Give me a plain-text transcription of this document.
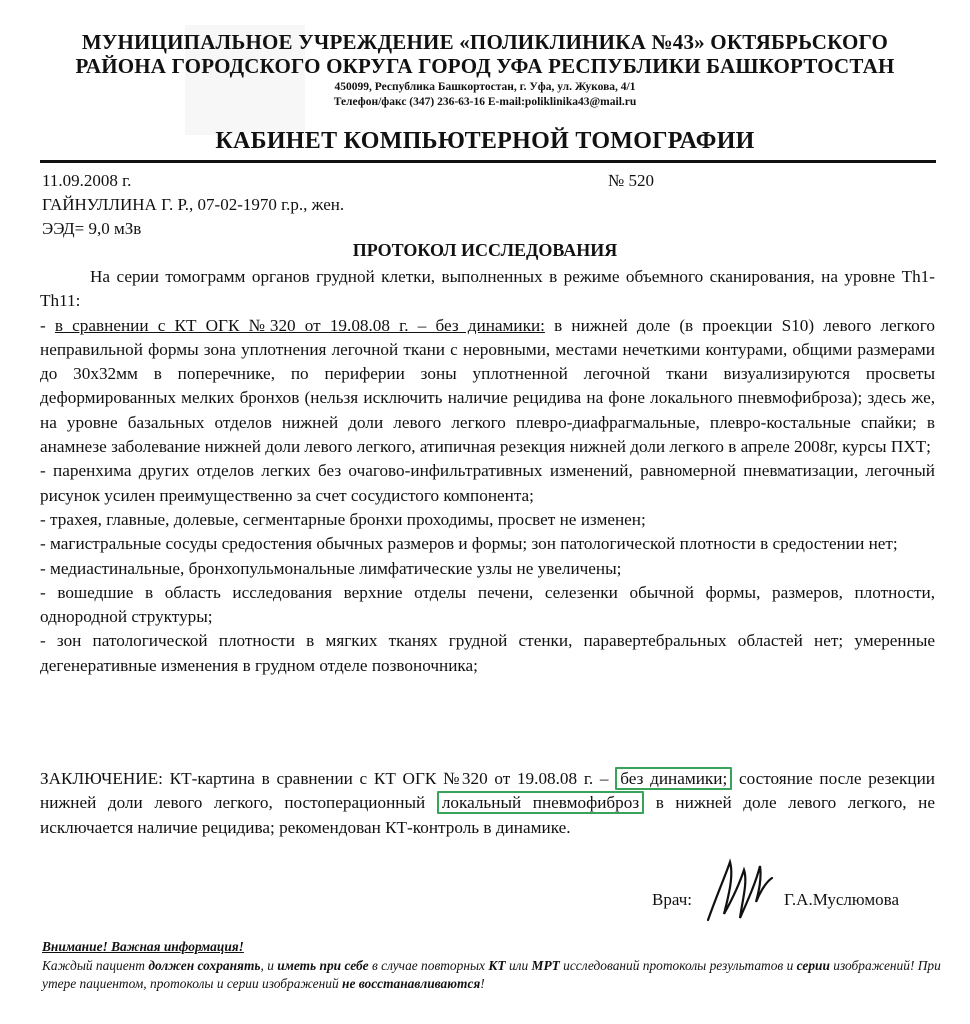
МУНИЦИПАЛЬНОЕ УЧРЕЖДЕНИЕ «ПОЛИКЛИНИКА №43» ОКТЯБРЬСКОГО
РАЙОНА ГОРОДСКОГО ОКРУГА ГОРОД УФА РЕСПУБЛИКИ БАШКОРТОСТАН
450099, Республика Башкортостан, г. Уфа, ул. Жукова, 4/1
Телефон/факс (347) 236-63-16 E-mail:poliklinika43@mail.ru
КАБИНЕТ КОМПЬЮТЕРНОЙ ТОМОГРАФИИ
11.09.2008 г.	№ 520
ГАЙНУЛЛИНА Г. Р., 07-02-1970 г.р., жен.
ЭЭД= 9,0 мЗв
ПРОТОКОЛ ИССЛЕДОВАНИЯ

На серии томограмм органов грудной клетки, выполненных в режиме объемного сканирования, на уровне Th1-Th11:

- в сравнении с КТ ОГК №320 от 19.08.08 г. – без динамики: в нижней доле (в проекции S10) левого легкого неправильной формы зона уплотнения легочной ткани с неровными, местами нечеткими контурами, общими размерами до 30х32мм в поперечнике, по периферии зоны уплотненной легочной ткани визуализируются просветы деформированных мелких бронхов (нельзя исключить наличие рецидива на фоне локального пневмофиброза); здесь же, на уровне базальных отделов нижней доли левого легкого плевро-диафрагмальные, плевро-костальные спайки; в анамнезе заболевание нижней доли левого легкого, атипичная резекция нижней доли легкого в апреле 2008г, курсы ПХТ;

- паренхима других отделов легких без очагово-инфильтративных изменений, равномерной пневматизации, легочный рисунок усилен преимущественно за счет сосудистого компонента;

- трахея, главные, долевые, сегментарные бронхи проходимы, просвет не изменен;

- магистральные сосуды средостения обычных размеров и формы; зон патологической плотности в средостении нет;

- медиастинальные, бронхопульмональные лимфатические узлы не увеличены;

- вошедшие в область исследования верхние отделы печени, селезенки обычной формы, размеров, плотности, однородной структуры;

- зон патологической плотности в мягких тканях грудной стенки, паравертебральных областей нет; умеренные дегенеративные изменения в грудном отделе позвоночника;

ЗАКЛЮЧЕНИЕ: КТ-картина в сравнении с КТ ОГК №320 от 19.08.08 г. – без динамики; состояние после резекции нижней доли левого легкого, постоперационный локальный пневмофиброз в нижней доле левого легкого, не исключается наличие рецидива; рекомендован КТ-контроль в динамике.
Врач:	Г.А.Муслюмова

Внимание! Важная информация!

Каждый пациент должен сохранять, и иметь при себе в случае повторных КТ или МРТ исследований протоколы результатов и серии изображений! При утере пациентом, протоколы и серии изображений не восстанавливаются!
